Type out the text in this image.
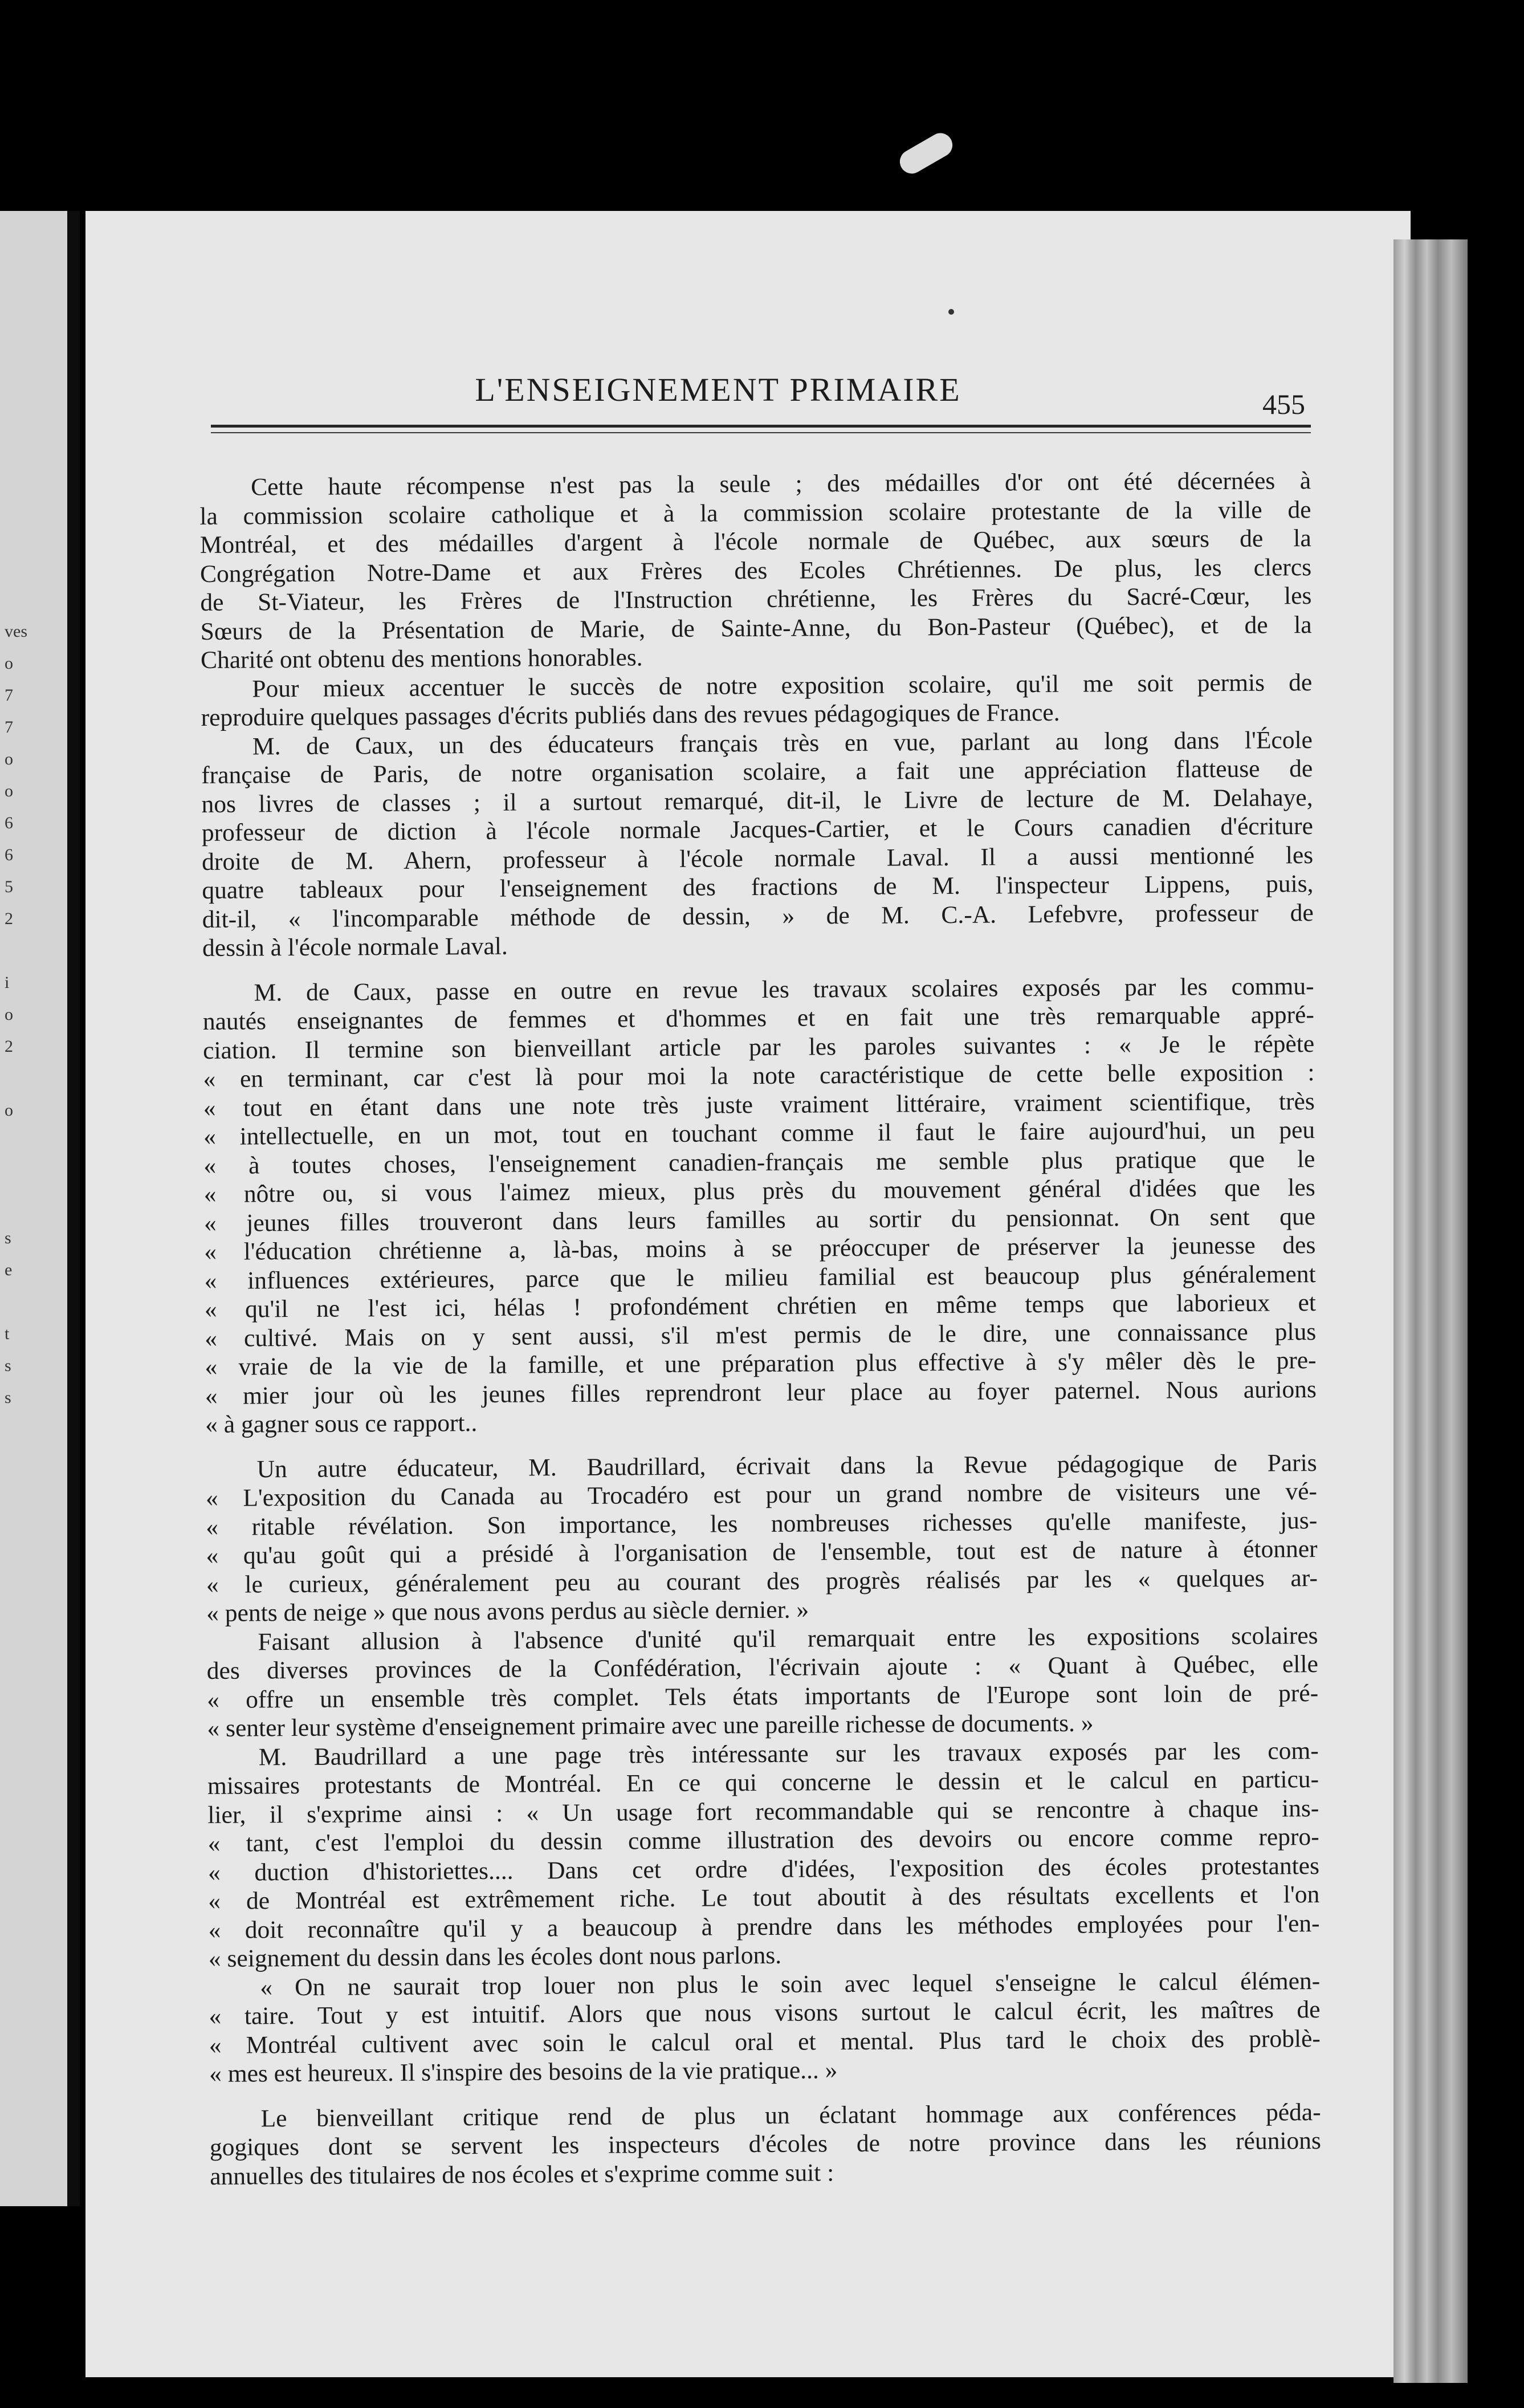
ves
o
7
7
o
o
6
6
5
2
i
o
2
o
s
e
t
s
s
L'ENSEIGNEMENT PRIMAIRE	455
Cette haute récompense n'est pas la seule ; des médailles d'or ont été décernées à
la commission scolaire catholique et à la commission scolaire protestante de la ville de
Montréal, et des médailles d'argent à l'école normale de Québec, aux sœurs de la
Congrégation Notre-Dame et aux Frères des Ecoles Chrétiennes. De plus, les clercs
de St-Viateur, les Frères de l'Instruction chrétienne, les Frères du Sacré-Cœur, les
Sœurs de la Présentation de Marie, de Sainte-Anne, du Bon-Pasteur (Québec), et de la
Charité ont obtenu des mentions honorables.
Pour mieux accentuer le succès de notre exposition scolaire, qu'il me soit permis de
reproduire quelques passages d'écrits publiés dans des revues pédagogiques de France.
M. de Caux, un des éducateurs français très en vue, parlant au long dans l'École
française de Paris, de notre organisation scolaire, a fait une appréciation flatteuse de
nos livres de classes ; il a surtout remarqué, dit-il, le Livre de lecture de M. Delahaye,
professeur de diction à l'école normale Jacques-Cartier, et le Cours canadien d'écriture
droite de M. Ahern, professeur à l'école normale Laval. Il a aussi mentionné les
quatre tableaux pour l'enseignement des fractions de M. l'inspecteur Lippens, puis,
dit-il, « l'incomparable méthode de dessin, » de M. C.-A. Lefebvre, professeur de
dessin à l'école normale Laval.
M. de Caux, passe en outre en revue les travaux scolaires exposés par les commu-
nautés enseignantes de femmes et d'hommes et en fait une très remarquable appré-
ciation. Il termine son bienveillant article par les paroles suivantes : « Je le répète
« en terminant, car c'est là pour moi la note caractéristique de cette belle exposition :
« tout en étant dans une note très juste vraiment littéraire, vraiment scientifique, très
« intellectuelle, en un mot, tout en touchant comme il faut le faire aujourd'hui, un peu
« à toutes choses, l'enseignement canadien-français me semble plus pratique que le
« nôtre ou, si vous l'aimez mieux, plus près du mouvement général d'idées que les
« jeunes filles trouveront dans leurs familles au sortir du pensionnat. On sent que
« l'éducation chrétienne a, là-bas, moins à se préoccuper de préserver la jeunesse des
« influences extérieures, parce que le milieu familial est beaucoup plus généralement
« qu'il ne l'est ici, hélas ! profondément chrétien en même temps que laborieux et
« cultivé. Mais on y sent aussi, s'il m'est permis de le dire, une connaissance plus
« vraie de la vie de la famille, et une préparation plus effective à s'y mêler dès le pre-
« mier jour où les jeunes filles reprendront leur place au foyer paternel. Nous aurions
« à gagner sous ce rapport..
Un autre éducateur, M. Baudrillard, écrivait dans la Revue pédagogique de Paris
« L'exposition du Canada au Trocadéro est pour un grand nombre de visiteurs une vé-
« ritable révélation. Son importance, les nombreuses richesses qu'elle manifeste, jus-
« qu'au goût qui a présidé à l'organisation de l'ensemble, tout est de nature à étonner
« le curieux, généralement peu au courant des progrès réalisés par les « quelques ar-
« pents de neige » que nous avons perdus au siècle dernier. »
Faisant allusion à l'absence d'unité qu'il remarquait entre les expositions scolaires
des diverses provinces de la Confédération, l'écrivain ajoute : « Quant à Québec, elle
« offre un ensemble très complet. Tels états importants de l'Europe sont loin de pré-
« senter leur système d'enseignement primaire avec une pareille richesse de documents. »
M. Baudrillard a une page très intéressante sur les travaux exposés par les com-
missaires protestants de Montréal. En ce qui concerne le dessin et le calcul en particu-
lier, il s'exprime ainsi : « Un usage fort recommandable qui se rencontre à chaque ins-
« tant, c'est l'emploi du dessin comme illustration des devoirs ou encore comme repro-
« duction d'historiettes.... Dans cet ordre d'idées, l'exposition des écoles protestantes
« de Montréal est extrêmement riche. Le tout aboutit à des résultats excellents et l'on
« doit reconnaître qu'il y a beaucoup à prendre dans les méthodes employées pour l'en-
« seignement du dessin dans les écoles dont nous parlons.
« On ne saurait trop louer non plus le soin avec lequel s'enseigne le calcul élémen-
« taire. Tout y est intuitif. Alors que nous visons surtout le calcul écrit, les maîtres de
« Montréal cultivent avec soin le calcul oral et mental. Plus tard le choix des problè-
« mes est heureux. Il s'inspire des besoins de la vie pratique... »
Le bienveillant critique rend de plus un éclatant hommage aux conférences péda-
gogiques dont se servent les inspecteurs d'écoles de notre province dans les réunions
annuelles des titulaires de nos écoles et s'exprime comme suit :
